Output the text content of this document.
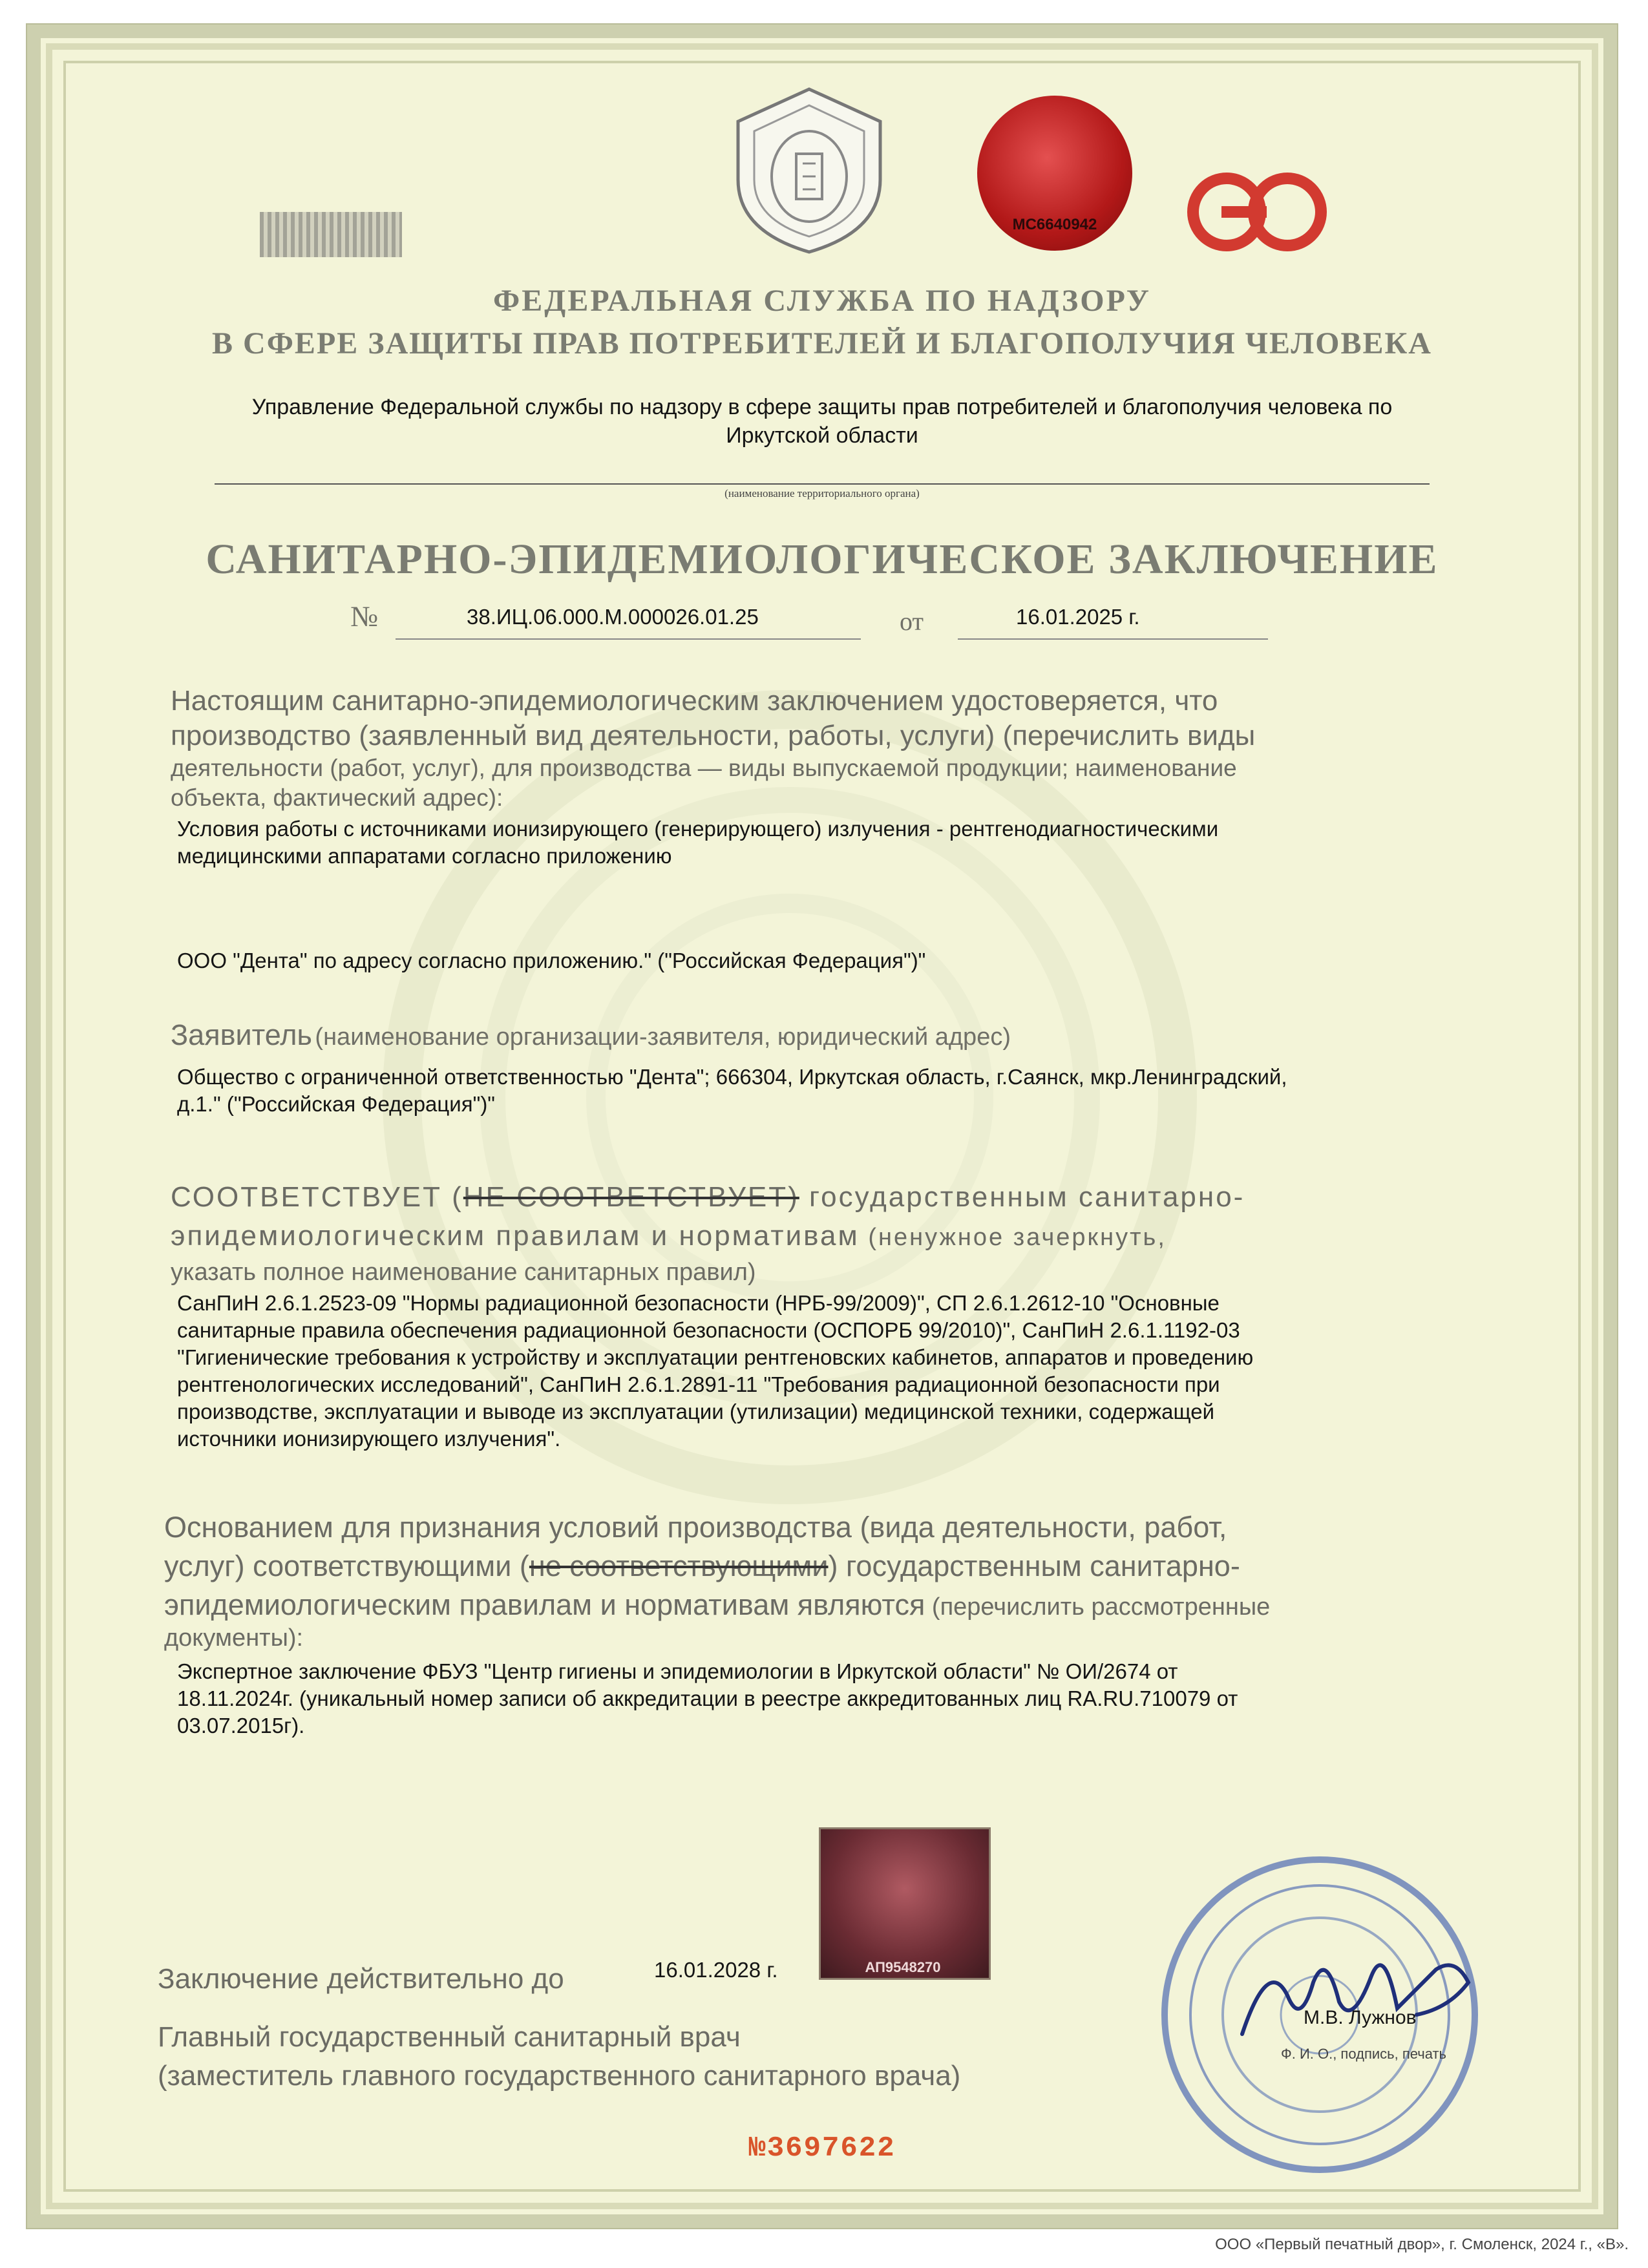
МС6640942
ФЕДЕРАЛЬНАЯ СЛУЖБА ПО НАДЗОРУ
В СФЕРЕ ЗАЩИТЫ ПРАВ ПОТРЕБИТЕЛЕЙ И БЛАГОПОЛУЧИЯ ЧЕЛОВЕКА
Управление Федеральной службы по надзору в сфере защиты прав потребителей и благополучия человека по
Иркутской области
(наименование территориального органа)
САНИТАРНО-ЭПИДЕМИОЛОГИЧЕСКОЕ ЗАКЛЮЧЕНИЕ
№	38.ИЦ.06.000.М.000026.01.25	от	16.01.2025 г.
Настоящим санитарно-эпидемиологическим заключением удостоверяется, что
производство (заявленный вид деятельности, работы, услуги) (перечислить виды
деятельности (работ, услуг), для производства — виды выпускаемой продукции; наименование
объекта, фактический адрес):
Условия работы с источниками ионизирующего (генерирующего) излучения - рентгенодиагностическими
медицинскими аппаратами согласно приложению
ООО "Дента" по адресу согласно приложению." ("Российская Федерация")"
Заявитель (наименование организации-заявителя, юридический адрес)
Общество с ограниченной ответственностью "Дента"; 666304, Иркутская область, г.Саянск, мкр.Ленинградский,
д.1." ("Российская Федерация")"
СООТВЕТСТВУЕТ (НЕ СООТВЕТСТВУЕТ) государственным санитарно-
эпидемиологическим правилам и нормативам (ненужное зачеркнуть,
указать полное наименование санитарных правил)
СанПиН 2.6.1.2523-09 "Нормы радиационной безопасности (НРБ-99/2009)", СП 2.6.1.2612-10 "Основные
санитарные правила обеспечения радиационной безопасности (ОСПОРБ 99/2010)", СанПиН 2.6.1.1192-03
"Гигиенические требования к устройству и эксплуатации рентгеновских кабинетов, аппаратов и проведению
рентгенологических исследований", СанПиН 2.6.1.2891-11 "Требования радиационной безопасности при
производстве, эксплуатации и выводе из эксплуатации (утилизации) медицинской техники, содержащей
источники ионизирующего излучения".
Основанием для признания условий производства (вида деятельности, работ,
услуг) соответствующими (не соответствующими) государственным санитарно-
эпидемиологическим правилам и нормативам являются (перечислить рассмотренные
документы):
Экспертное заключение ФБУЗ "Центр гигиены и эпидемиологии в Иркутской области" № ОИ/2674 от
18.11.2024г. (уникальный номер записи об аккредитации в реестре аккредитованных лиц RA.RU.710079 от
03.07.2015г).
АП9548270
Заключение действительно до	16.01.2028 г.
Главный государственный санитарный врач
(заместитель главного государственного санитарного врача)
М.В. Лужнов
Ф. И. О., подпись, печать
№3697622
ООО «Первый печатный двор», г. Смоленск, 2024 г., «В».
